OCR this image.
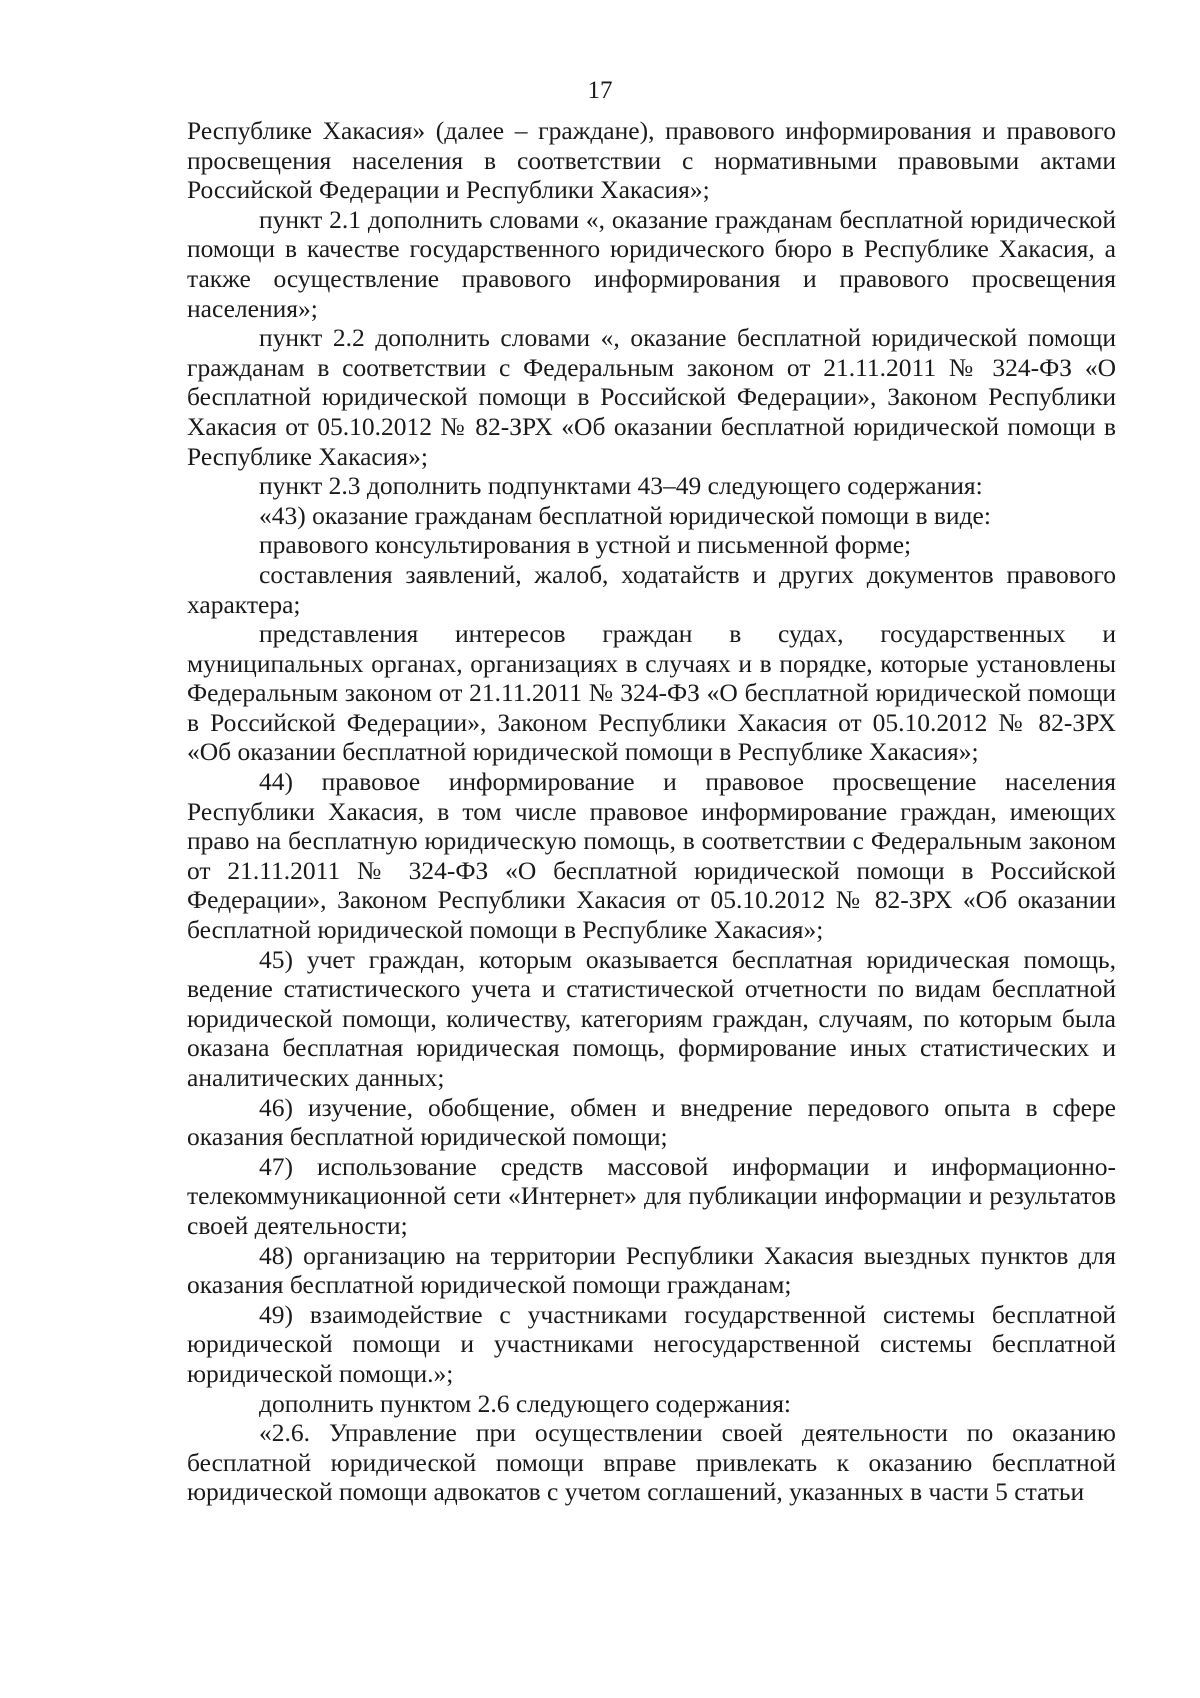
17

Республике Хакасия» (далее – граждане), правового информирования и правового просвещения населения в соответствии с нормативными правовыми актами Российской Федерации и Республики Хакасия»;

пункт 2.1 дополнить словами «, оказание гражданам бесплатной юридической помощи в качестве государственного юридического бюро в Республике Хакасия, а также осуществление правового информирования и правового просвещения населения»;

пункт 2.2 дополнить словами «, оказание бесплатной юридической помощи гражданам в соответствии с Федеральным законом от 21.11.2011 № 324-ФЗ «О бесплатной юридической помощи в Российской Федерации», Законом Республики Хакасия от 05.10.2012 № 82-ЗРХ «Об оказании бесплатной юридической помощи в Республике Хакасия»;

пункт 2.3 дополнить подпунктами 43–49 следующего содержания:

«43) оказание гражданам бесплатной юридической помощи в виде:

правового консультирования в устной и письменной форме;

составления заявлений, жалоб, ходатайств и других документов правового характера;

представления интересов граждан в судах, государственных и муниципальных органах, организациях в случаях и в порядке, которые установлены Федеральным законом от 21.11.2011 № 324-ФЗ «О бесплатной юридической помощи в Российской Федерации», Законом Республики Хакасия от 05.10.2012 № 82-ЗРХ «Об оказании бесплатной юридической помощи в Республике Хакасия»;

44) правовое информирование и правовое просвещение населения Республики Хакасия, в том числе правовое информирование граждан, имеющих право на бесплатную юридическую помощь, в соответствии с Федеральным законом от 21.11.2011 № 324-ФЗ «О бесплатной юридической помощи в Российской Федерации», Законом Республики Хакасия от 05.10.2012 № 82-ЗРХ «Об оказании бесплатной юридической помощи в Республике Хакасия»;

45) учет граждан, которым оказывается бесплатная юридическая помощь, ведение статистического учета и статистической отчетности по видам бесплатной юридической помощи, количеству, категориям граждан, случаям, по которым была оказана бесплатная юридическая помощь, формирование иных статистических и аналитических данных;

46) изучение, обобщение, обмен и внедрение передового опыта в сфере оказания бесплатной юридической помощи;

47) использование средств массовой информации и информационно-телекоммуникационной сети «Интернет» для публикации информации и результатов своей деятельности;

48) организацию на территории Республики Хакасия выездных пунктов для оказания бесплатной юридической помощи гражданам;

49) взаимодействие с участниками государственной системы бесплатной юридической помощи и участниками негосударственной системы бесплатной юридической помощи.»;

дополнить пунктом 2.6 следующего содержания:

«2.6. Управление при осуществлении своей деятельности по оказанию бесплатной юридической помощи вправе привлекать к оказанию бесплатной юридической помощи адвокатов с учетом соглашений, указанных в части 5 статьи
